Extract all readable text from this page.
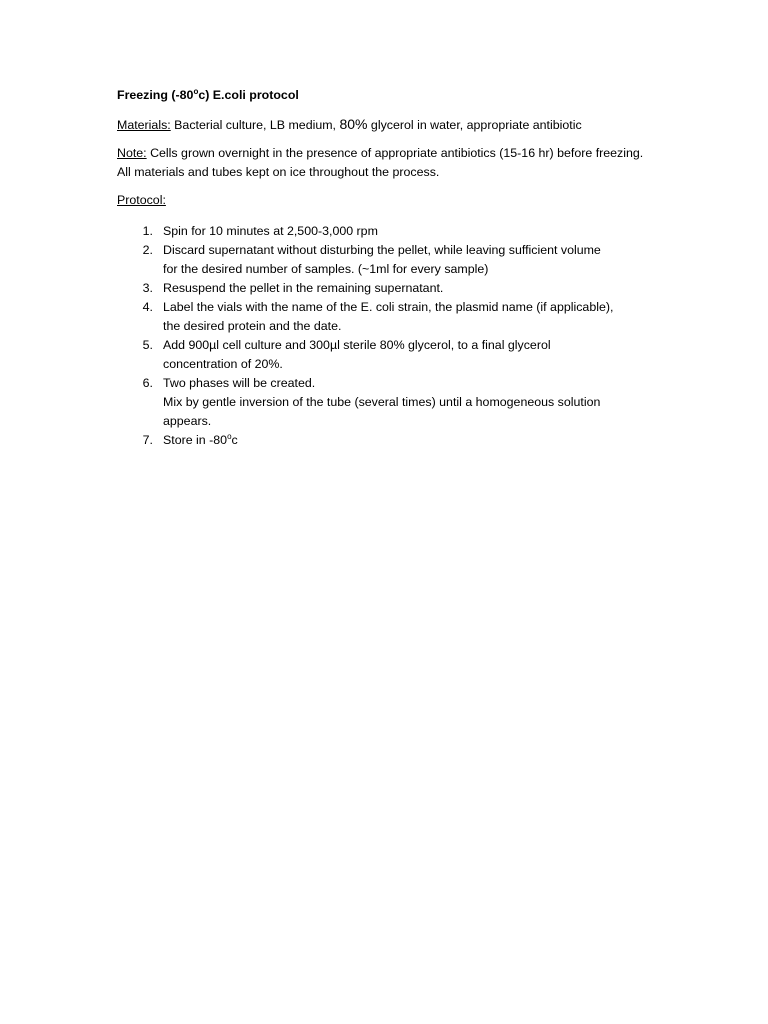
Freezing (-80$^o$c) E.coli protocol
Materials: Bacterial culture, LB medium, 80% glycerol in water, appropriate antibiotic
Note: Cells grown overnight in the presence of appropriate antibiotics (15-16 hr) before freezing. All materials and tubes kept on ice throughout the process.
Protocol:
1. Spin for 10 minutes at 2,500-3,000 rpm
2. Discard supernatant without disturbing the pellet, while leaving sufficient volume
for the desired number of samples. (~1ml for every sample)
3. Resuspend the pellet in the remaining supernatant.
4. Label the vials with the name of the E. coli strain, the plasmid name (if applicable),
the desired protein and the date.
5. Add 900µl cell culture and 300µl sterile 80% glycerol, to a final glycerol
concentration of 20%.
6. Two phases will be created.
Mix by gentle inversion of the tube (several times) until a homogeneous solution
appears.
7. Store in -80$^o$c
